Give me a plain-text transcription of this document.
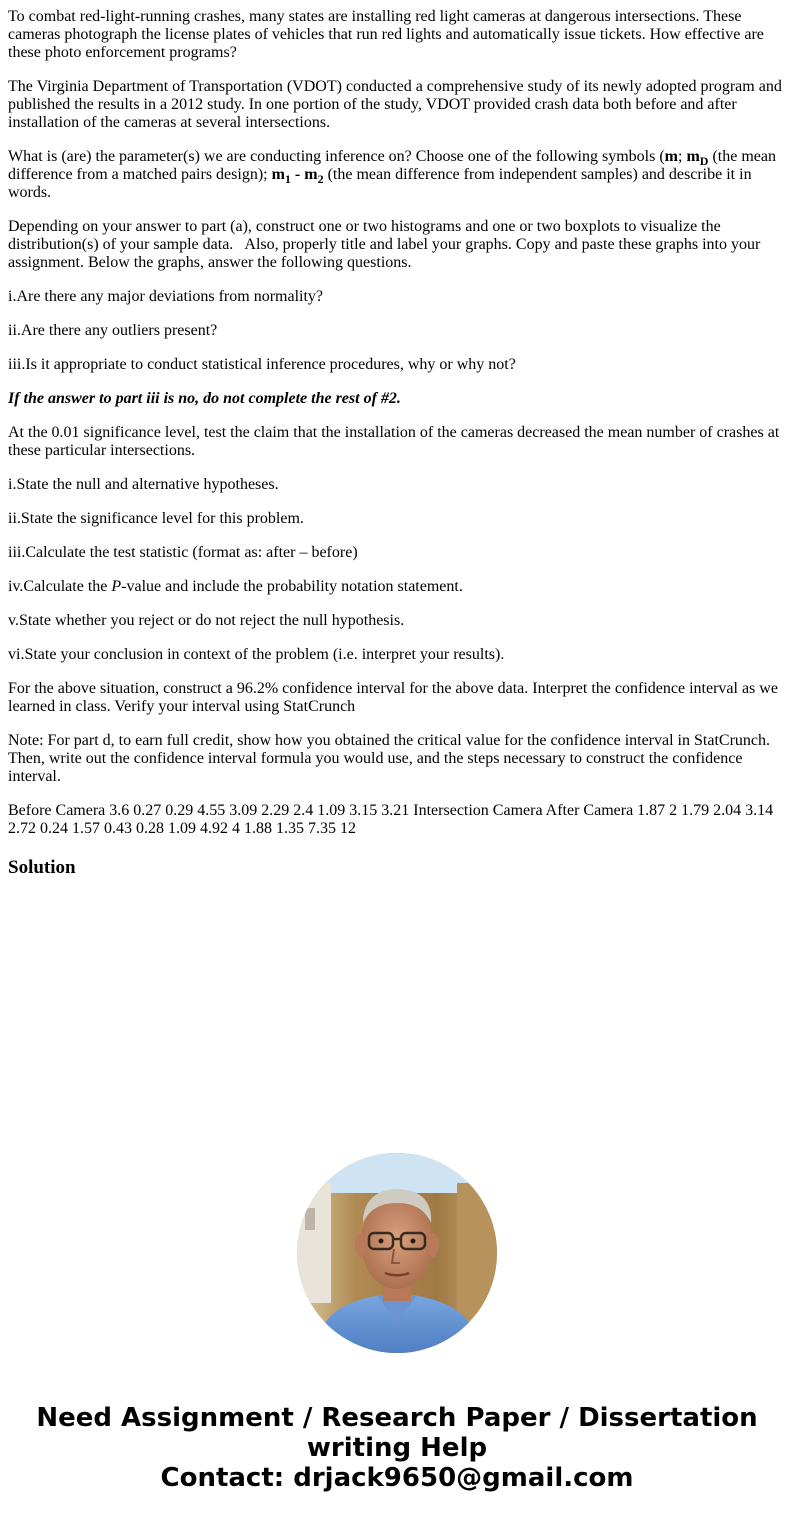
To combat red-light-running crashes, many states are installing red light cameras at dangerous intersections. These cameras photograph the license plates of vehicles that run red lights and automatically issue tickets. How effective are these photo enforcement programs?

The Virginia Department of Transportation (VDOT) conducted a comprehensive study of its newly adopted program and published the results in a 2012 study. In one portion of the study, VDOT provided crash data both before and after installation of the cameras at several intersections.

What is (are) the parameter(s) we are conducting inference on? Choose one of the following symbols (m; $m_D$ (the mean difference from a matched pairs design); $m_1 - m_2$ (the mean difference from independent samples) and describe it in words.

Depending on your answer to part (a), construct one or two histograms and one or two boxplots to visualize the distribution(s) of your sample data.   Also, properly title and label your graphs. Copy and paste these graphs into your assignment. Below the graphs, answer the following questions.

i.Are there any major deviations from normality?

ii.Are there any outliers present?

iii.Is it appropriate to conduct statistical inference procedures, why or why not?

If the answer to part iii is no, do not complete the rest of #2.

At the 0.01 significance level, test the claim that the installation of the cameras decreased the mean number of crashes at these particular intersections.

i.State the null and alternative hypotheses.

ii.State the significance level for this problem.

iii.Calculate the test statistic (format as: after – before)

iv.Calculate the P-value and include the probability notation statement.

v.State whether you reject or do not reject the null hypothesis.

vi.State your conclusion in context of the problem (i.e. interpret your results).

For the above situation, construct a 96.2% confidence interval for the above data. Interpret the confidence interval as we learned in class. Verify your interval using StatCrunch

Note: For part d, to earn full credit, show how you obtained the critical value for the confidence interval in StatCrunch. Then, write out the confidence interval formula you would use, and the steps necessary to construct the confidence interval.

Before Camera 3.6 0.27 0.29 4.55 3.09 2.29 2.4 1.09 3.15 3.21 Intersection Camera After Camera 1.87 2 1.79 2.04 3.14 2.72 0.24 1.57 0.43 0.28 1.09 4.92 4 1.88 1.35 7.35 12

Solution
Need Assignment / Research Paper / Dissertation
writing Help
Contact: drjack9650@gmail.com
